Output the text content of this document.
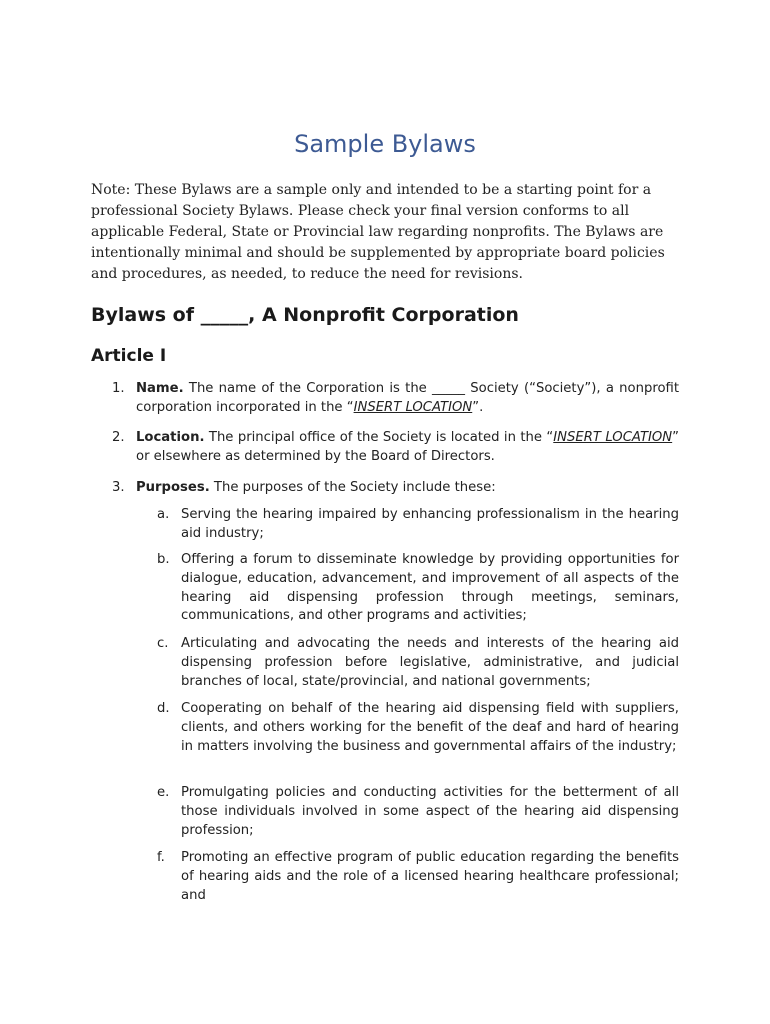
Sample Bylaws
Note: These Bylaws are a sample only and intended to be a starting point for a professional Society Bylaws. Please check your final version conforms to all applicable Federal, State or Provincial law regarding nonprofits. The Bylaws are intentionally minimal and should be supplemented by appropriate board policies and procedures, as needed, to reduce the need for revisions.
Bylaws of _____, A Nonprofit Corporation
Article I
1. Name. The name of the Corporation is the _____ Society (“Society”), a nonprofit corporation incorporated in the “INSERT LOCATION”.
2. Location. The principal office of the Society is located in the “INSERT LOCATION” or elsewhere as determined by the Board of Directors.
3. Purposes. The purposes of the Society include these:
a. Serving the hearing impaired by enhancing professionalism in the hearing aid industry;
b. Offering a forum to disseminate knowledge by providing opportunities for dialogue, education, advancement, and improvement of all aspects of the hearing aid dispensing profession through meetings, seminars, communications, and other programs and activities;
c. Articulating and advocating the needs and interests of the hearing aid dispensing profession before legislative, administrative, and judicial branches of local, state/provincial, and national governments;
d. Cooperating on behalf of the hearing aid dispensing field with suppliers, clients, and others working for the benefit of the deaf and hard of hearing in matters involving the business and governmental affairs of the industry;
e. Promulgating policies and conducting activities for the betterment of all those individuals involved in some aspect of the hearing aid dispensing profession;
f. Promoting an effective program of public education regarding the benefits of hearing aids and the role of a licensed hearing healthcare professional; and
